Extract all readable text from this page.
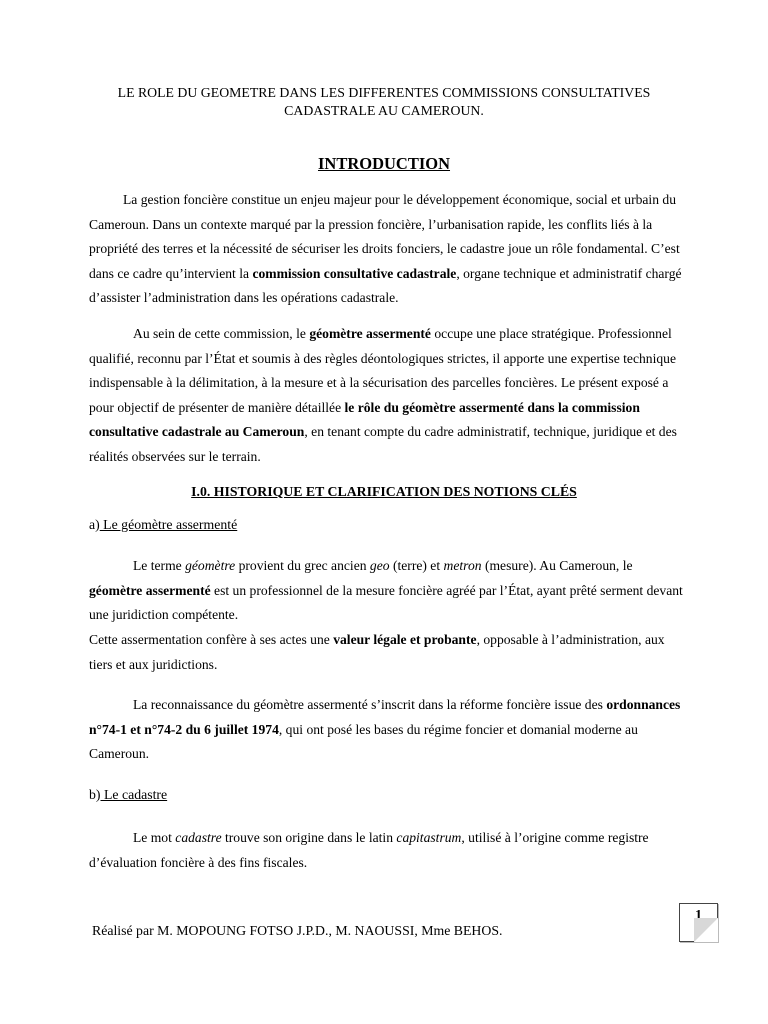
LE ROLE DU GEOMETRE DANS LES DIFFERENTES COMMISSIONS CONSULTATIVES
CADASTRALE AU CAMEROUN.
INTRODUCTION

La gestion foncière constitue un enjeu majeur pour le développement économique, social et urbain du Cameroun. Dans un contexte marqué par la pression foncière, l’urbanisation rapide, les conflits liés à la propriété des terres et la nécessité de sécuriser les droits fonciers, le cadastre joue un rôle fondamental. C’est dans ce cadre qu’intervient la commission consultative cadastrale, organe technique et administratif chargé d’assister l’administration dans les opérations cadastrale.

Au sein de cette commission, le géomètre assermenté occupe une place stratégique. Professionnel qualifié, reconnu par l’État et soumis à des règles déontologiques strictes, il apporte une expertise technique indispensable à la délimitation, à la mesure et à la sécurisation des parcelles foncières. Le présent exposé a pour objectif de présenter de manière détaillée le rôle du géomètre assermenté dans la commission consultative cadastrale au Cameroun, en tenant compte du cadre administratif, technique, juridique et des réalités observées sur le terrain.

I.0. HISTORIQUE ET CLARIFICATION DES NOTIONS CLÉS
a) Le géomètre assermenté

Le terme géomètre provient du grec ancien geo (terre) et metron (mesure). Au Cameroun, le géomètre assermenté est un professionnel de la mesure foncière agréé par l’État, ayant prêté serment devant une juridiction compétente.

Cette assermentation confère à ses actes une valeur légale et probante, opposable à l’administration, aux tiers et aux juridictions.

La reconnaissance du géomètre assermenté s’inscrit dans la réforme foncière issue des ordonnances n°74-1 et n°74-2 du 6 juillet 1974, qui ont posé les bases du régime foncier et domanial moderne au Cameroun.

b) Le cadastre

Le mot cadastre trouve son origine dans le latin capitastrum, utilisé à l’origine comme registre d’évaluation foncière à des fins fiscales.

Réalisé par M. MOPOUNG FOTSO J.P.D., M. NAOUSSI, Mme BEHOS.
1
